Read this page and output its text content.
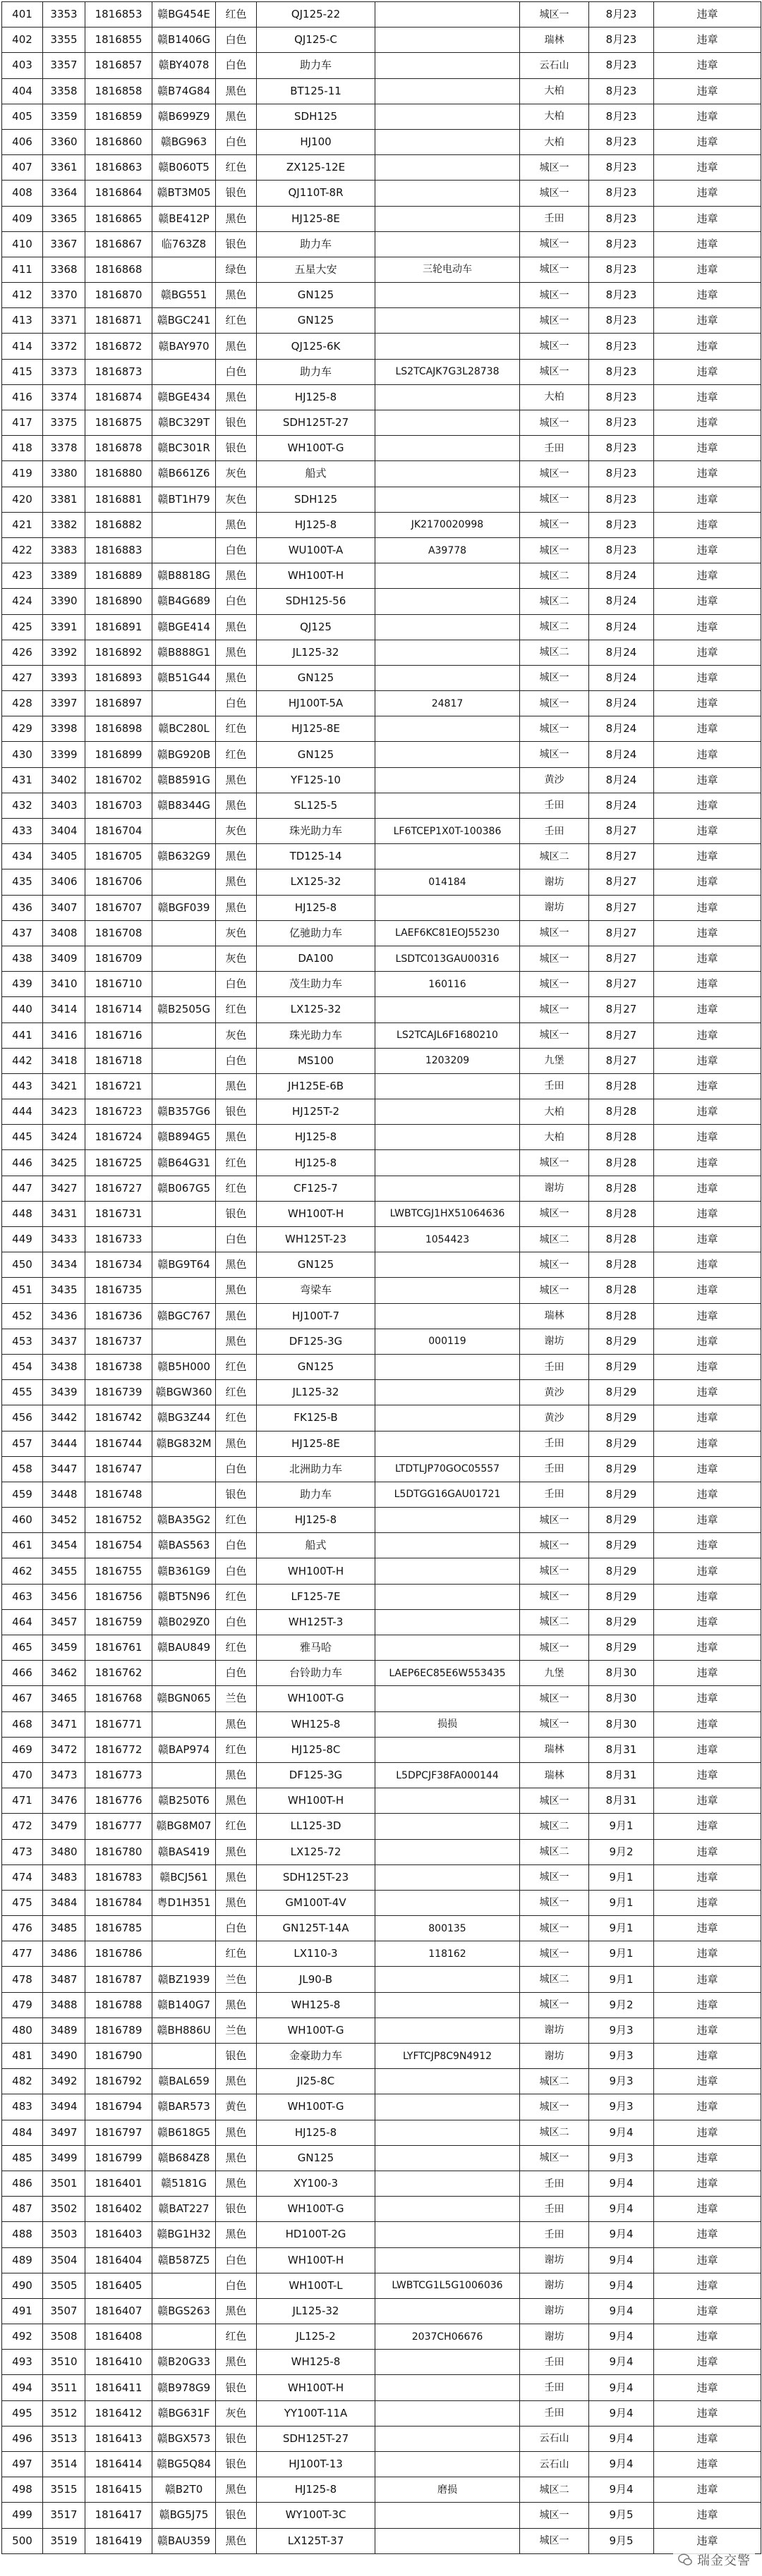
401	3353	1816853	赣BG454E	红色	QJ125-22		城区一	8月23	违章
402	3355	1816855	赣B1406G	白色	QJ125-C		瑞林	8月23	违章
403	3357	1816857	赣BY4078	白色	助力车		云石山	8月23	违章
404	3358	1816858	赣B74G84	黑色	BT125-11		大柏	8月23	违章
405	3359	1816859	赣B699Z9	黑色	SDH125		大柏	8月23	违章
406	3360	1816860	赣BG963	白色	HJ100		大柏	8月23	违章
407	3361	1816863	赣B060T5	红色	ZX125-12E		城区一	8月23	违章
408	3364	1816864	赣BT3M05	银色	QJ110T-8R		城区一	8月23	违章
409	3365	1816865	赣BE412P	黑色	HJ125-8E		壬田	8月23	违章
410	3367	1816867	临763Z8	银色	助力车		城区一	8月23	违章
411	3368	1816868		绿色	五星大安	三轮电动车	城区一	8月23	违章
412	3370	1816870	赣BG551	黑色	GN125		城区一	8月23	违章
413	3371	1816871	赣BGC241	红色	GN125		城区一	8月23	违章
414	3372	1816872	赣BAY970	黑色	QJ125-6K		城区一	8月23	违章
415	3373	1816873		白色	助力车	LS2TCAJK7G3L28738	城区一	8月23	违章
416	3374	1816874	赣BGE434	黑色	HJ125-8		大柏	8月23	违章
417	3375	1816875	赣BC329T	银色	SDH125T-27		城区一	8月23	违章
418	3378	1816878	赣BC301R	银色	WH100T-G		壬田	8月23	违章
419	3380	1816880	赣B661Z6	灰色	船式		城区一	8月23	违章
420	3381	1816881	赣BT1H79	灰色	SDH125		城区一	8月23	违章
421	3382	1816882		黑色	HJ125-8	JK2170020998	城区一	8月23	违章
422	3383	1816883		白色	WU100T-A	A39778	城区一	8月23	违章
423	3389	1816889	赣B8818G	黑色	WH100T-H		城区二	8月24	违章
424	3390	1816890	赣B4G689	白色	SDH125-56		城区二	8月24	违章
425	3391	1816891	赣BGE414	黑色	QJ125		城区二	8月24	违章
426	3392	1816892	赣B888G1	黑色	JL125-32		城区二	8月24	违章
427	3393	1816893	赣B51G44	黑色	GN125		城区一	8月24	违章
428	3397	1816897		白色	HJ100T-5A	24817	城区一	8月24	违章
429	3398	1816898	赣BC280L	红色	HJ125-8E		城区一	8月24	违章
430	3399	1816899	赣BG920B	红色	GN125		城区一	8月24	违章
431	3402	1816702	赣B8591G	黑色	YF125-10		黄沙	8月24	违章
432	3403	1816703	赣B8344G	黑色	SL125-5		壬田	8月24	违章
433	3404	1816704		灰色	珠光助力车	LF6TCEP1X0T-100386	壬田	8月27	违章
434	3405	1816705	赣B632G9	黑色	TD125-14		城区二	8月27	违章
435	3406	1816706		黑色	LX125-32	014184	谢坊	8月27	违章
436	3407	1816707	赣BGF039	黑色	HJ125-8		谢坊	8月27	违章
437	3408	1816708		灰色	亿驰助力车	LAEF6KC81EOJ55230	城区一	8月27	违章
438	3409	1816709		灰色	DA100	LSDTC013GAU00316	城区一	8月27	违章
439	3410	1816710		白色	茂生助力车	160116	城区一	8月27	违章
440	3414	1816714	赣B2505G	红色	LX125-32		城区一	8月27	违章
441	3416	1816716		灰色	珠光助力车	LS2TCAJL6F1680210	城区一	8月27	违章
442	3418	1816718		白色	MS100	1203209	九堡	8月27	违章
443	3421	1816721		黑色	JH125E-6B		壬田	8月28	违章
444	3423	1816723	赣B357G6	银色	HJ125T-2		大柏	8月28	违章
445	3424	1816724	赣B894G5	黑色	HJ125-8		大柏	8月28	违章
446	3425	1816725	赣B64G31	红色	HJ125-8		城区一	8月28	违章
447	3427	1816727	赣B067G5	红色	CF125-7		谢坊	8月28	违章
448	3431	1816731		银色	WH100T-H	LWBTCGJ1HX51064636	城区一	8月28	违章
449	3433	1816733		白色	WH125T-23	1054423	城区二	8月28	违章
450	3434	1816734	赣BG9T64	黑色	GN125		城区一	8月28	违章
451	3435	1816735		黑色	弯梁车		城区一	8月28	违章
452	3436	1816736	赣BGC767	黑色	HJ100T-7		瑞林	8月28	违章
453	3437	1816737		黑色	DF125-3G	000119	谢坊	8月29	违章
454	3438	1816738	赣B5H000	红色	GN125		壬田	8月29	违章
455	3439	1816739	赣BGW360	红色	JL125-32		黄沙	8月29	违章
456	3442	1816742	赣BG3Z44	红色	FK125-B		黄沙	8月29	违章
457	3444	1816744	赣BG832M	黑色	HJ125-8E		壬田	8月29	违章
458	3447	1816747		白色	北洲助力车	LTDTLJP70GOC05557	壬田	8月29	违章
459	3448	1816748		银色	助力车	L5DTGG16GAU01721	壬田	8月29	违章
460	3452	1816752	赣BA35G2	红色	HJ125-8		城区一	8月29	违章
461	3454	1816754	赣BAS563	白色	船式		城区一	8月29	违章
462	3455	1816755	赣B361G9	白色	WH100T-H		城区一	8月29	违章
463	3456	1816756	赣BT5N96	红色	LF125-7E		城区一	8月29	违章
464	3457	1816759	赣B029Z0	白色	WH125T-3		城区二	8月29	违章
465	3459	1816761	赣BAU849	红色	雅马哈		城区一	8月29	违章
466	3462	1816762		白色	台铃助力车	LAEP6EC85E6W553435	九堡	8月30	违章
467	3465	1816768	赣BGN065	兰色	WH100T-G		城区一	8月30	违章
468	3471	1816771		黑色	WH125-8	损损	城区一	8月30	违章
469	3472	1816772	赣BAP974	红色	HJ125-8C		瑞林	8月31	违章
470	3473	1816773		黑色	DF125-3G	L5DPCJF38FA000144	瑞林	8月31	违章
471	3476	1816776	赣B250T6	黑色	WH100T-H		城区一	8月31	违章
472	3479	1816777	赣BG8M07	红色	LL125-3D		城区二	9月1	违章
473	3480	1816780	赣BAS419	黑色	LX125-72		城区二	9月2	违章
474	3483	1816783	赣BCJ561	黑色	SDH125T-23		城区一	9月1	违章
475	3484	1816784	粤D1H351	黑色	GM100T-4V		城区一	9月1	违章
476	3485	1816785		白色	GN125T-14A	800135	城区一	9月1	违章
477	3486	1816786		红色	LX110-3	118162	城区一	9月1	违章
478	3487	1816787	赣BZ1939	兰色	JL90-B		城区二	9月1	违章
479	3488	1816788	赣B140G7	黑色	WH125-8		城区一	9月2	违章
480	3489	1816789	赣BH886U	兰色	WH100T-G		谢坊	9月3	违章
481	3490	1816790		银色	金豪助力车	LYFTCJP8C9N4912	谢坊	9月3	违章
482	3492	1816792	赣BAL659	黑色	JI25-8C		城区二	9月3	违章
483	3494	1816794	赣BAR573	黄色	WH100T-G		城区一	9月3	违章
484	3497	1816797	赣B618G5	黑色	HJ125-8		城区二	9月4	违章
485	3499	1816799	赣B684Z8	黑色	GN125		城区一	9月3	违章
486	3501	1816401	赣5181G	黑色	XY100-3		壬田	9月4	违章
487	3502	1816402	赣BAT227	银色	WH100T-G		壬田	9月4	违章
488	3503	1816403	赣BG1H32	黑色	HD100T-2G		壬田	9月4	违章
489	3504	1816404	赣B587Z5	白色	WH100T-H		谢坊	9月4	违章
490	3505	1816405		白色	WH100T-L	LWBTCG1L5G1006036	谢坊	9月4	违章
491	3507	1816407	赣BGS263	黑色	JL125-32		谢坊	9月4	违章
492	3508	1816408		红色	JL125-2	2037CH06676	谢坊	9月4	违章
493	3510	1816410	赣B20G33	黑色	WH125-8		壬田	9月4	违章
494	3511	1816411	赣B978G9	银色	WH100T-H		壬田	9月4	违章
495	3512	1816412	赣BG631F	灰色	YY100T-11A		壬田	9月4	违章
496	3513	1816413	赣BGX573	银色	SDH125T-27		云石山	9月4	违章
497	3514	1816414	赣BG5Q84	银色	HJ100T-13		云石山	9月4	违章
498	3515	1816415	赣B2T0	黑色	HJ125-8	磨损	城区二	9月4	违章
499	3517	1816417	赣BG5J75	银色	WY100T-3C		城区一	9月5	违章
500	3519	1816419	赣BAU359	黑色	LX125T-37		城区一	9月5	违章
瑞金交警
